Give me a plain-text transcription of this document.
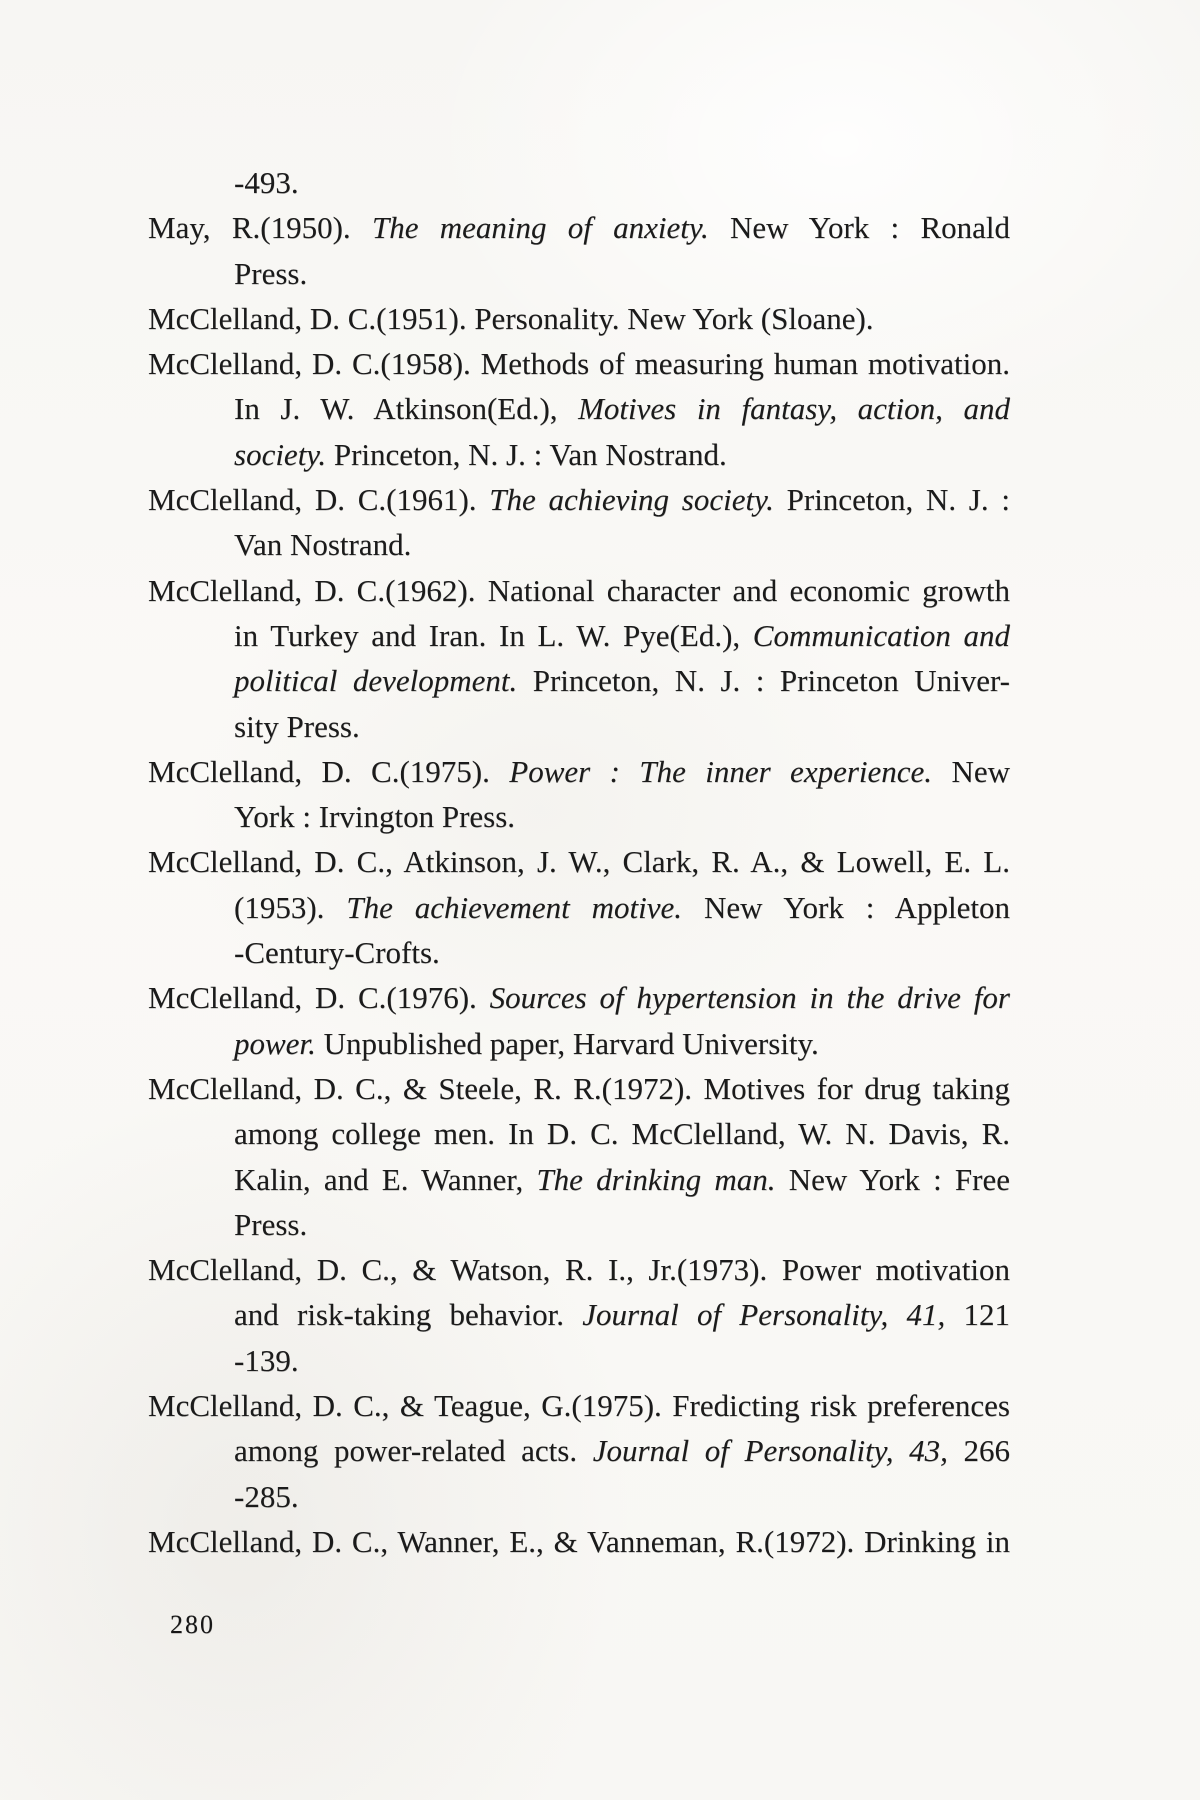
-493.
May, R.(1950). The meaning of anxiety. New York : Ronald
Press.
McClelland, D. C.(1951). Personality. New York (Sloane).
McClelland, D. C.(1958). Methods of measuring human motivation.
In J. W. Atkinson(Ed.), Motives in fantasy, action, and
society. Princeton, N. J. : Van Nostrand.
McClelland, D. C.(1961). The achieving society. Princeton, N. J. :
Van Nostrand.
McClelland, D. C.(1962). National character and economic growth
in Turkey and Iran. In L. W. Pye(Ed.), Communication and
political development. Princeton, N. J. : Princeton Univer-
sity Press.
McClelland, D. C.(1975). Power : The inner experience. New
York : Irvington Press.
McClelland, D. C., Atkinson, J. W., Clark, R. A., & Lowell, E. L.
(1953). The achievement motive. New York : Appleton
-Century-Crofts.
McClelland, D. C.(1976). Sources of hypertension in the drive for
power. Unpublished paper, Harvard University.
McClelland, D. C., & Steele, R. R.(1972). Motives for drug taking
among college men. In D. C. McClelland, W. N. Davis, R.
Kalin, and E. Wanner, The drinking man. New York : Free
Press.
McClelland, D. C., & Watson, R. I., Jr.(1973). Power motivation
and risk-taking behavior. Journal of Personality, 41, 121
-139.
McClelland, D. C., & Teague, G.(1975). Fredicting risk preferences
among power-related acts. Journal of Personality, 43, 266
-285.
McClelland, D. C., Wanner, E., & Vanneman, R.(1972). Drinking in
280
